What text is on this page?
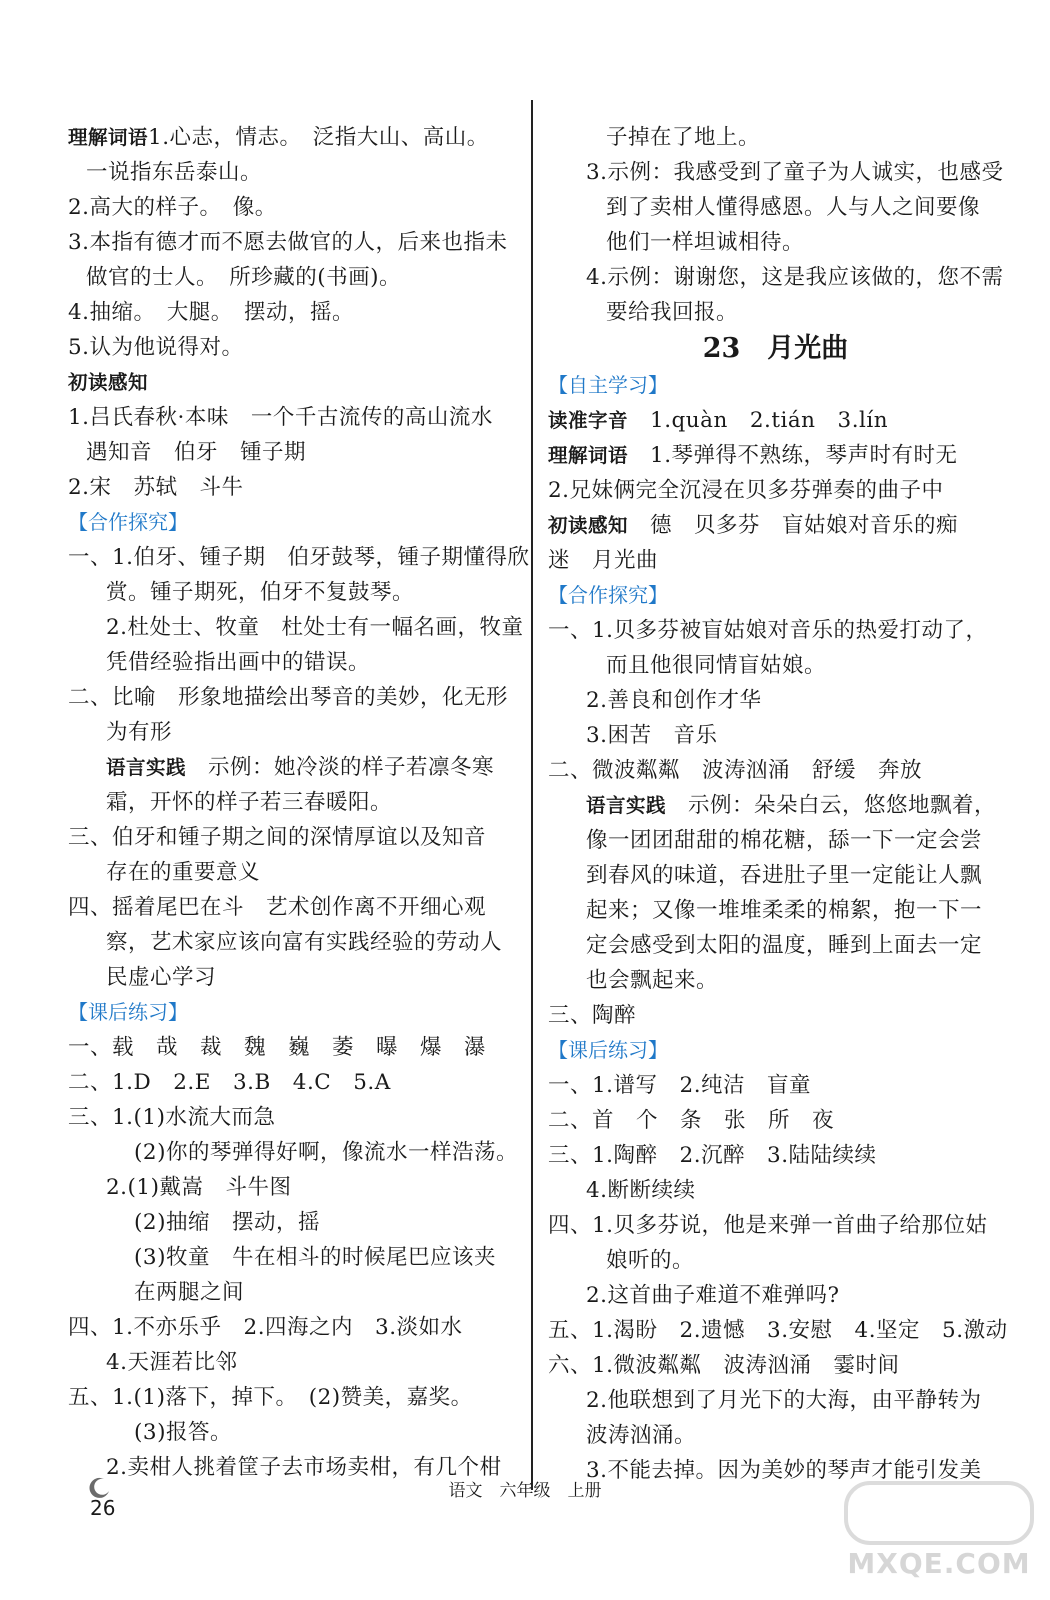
理解词语1.心志，情志。　泛指大山、高山。
一说指东岳泰山。
2.高大的样子。　像。
3.本指有德才而不愿去做官的人，后来也指未
做官的士人。　所珍藏的(书画)。
4.抽缩。　大腿。　摆动，摇。
5.认为他说得对。
初读感知
1.吕氏春秋·本味　一个千古流传的高山流水
遇知音　伯牙　锺子期
2.宋　苏轼　斗牛
【合作探究】
一、1.伯牙、锺子期　伯牙鼓琴，锺子期懂得欣
赏。锺子期死，伯牙不复鼓琴。
2.杜处士、牧童　杜处士有一幅名画，牧童
凭借经验指出画中的错误。
二、比喻　形象地描绘出琴音的美妙，化无形
为有形
语言实践　示例：她冷淡的样子若凛冬寒
霜，开怀的样子若三春暖阳。
三、伯牙和锺子期之间的深情厚谊以及知音
存在的重要意义
四、摇着尾巴在斗　艺术创作离不开细心观
察，艺术家应该向富有实践经验的劳动人
民虚心学习
【课后练习】
一、载　哉　裁　魏　巍　萎　曝　爆　瀑
二、1.D　2.E　3.B　4.C　5.A
三、1.(1)水流大而急
(2)你的琴弹得好啊，像流水一样浩荡。
2.(1)戴嵩　斗牛图
(2)抽缩　摆动，摇
(3)牧童　牛在相斗的时候尾巴应该夹
在两腿之间
四、1.不亦乐乎　2.四海之内　3.淡如水
4.天涯若比邻
五、1.(1)落下，掉下。　(2)赞美，嘉奖。
(3)报答。
2.卖柑人挑着筐子去市场卖柑，有几个柑
子掉在了地上。
3.示例：我感受到了童子为人诚实，也感受
到了卖柑人懂得感恩。人与人之间要像
他们一样坦诚相待。
4.示例：谢谢您，这是我应该做的，您不需
要给我回报。
23　月光曲
【自主学习】
读准字音　 1.quàn　2.tián　3.lín
理解词语　 1.琴弹得不熟练，琴声时有时无
2.兄妹俩完全沉浸在贝多芬弹奏的曲子中
初读感知　德　贝多芬　盲姑娘对音乐的痴
迷　月光曲
【合作探究】
一、1.贝多芬被盲姑娘对音乐的热爱打动了，
而且他很同情盲姑娘。
2.善良和创作才华
3.困苦　音乐
二、微波粼粼　波涛汹涌　舒缓　奔放
语言实践　示例：朵朵白云，悠悠地飘着，
像一团团甜甜的棉花糖，舔一下一定会尝
到春风的味道，吞进肚子里一定能让人飘
起来；又像一堆堆柔柔的棉絮，抱一下一
定会感受到太阳的温度，睡到上面去一定
也会飘起来。
三、陶醉
【课后练习】
一、1.谱写　2.纯洁　盲童
二、首　个　条　张　所　夜
三、1.陶醉　2.沉醉　3.陆陆续续
4.断断续续
四、1.贝多芬说，他是来弹一首曲子给那位姑
娘听的。
2.这首曲子难道不难弹吗?
五、1.渴盼　2.遗憾　3.安慰　4.坚定　5.激动
六、1.微波粼粼　波涛汹涌　霎时间
2.他联想到了月光下的大海，由平静转为
波涛汹涌。
3.不能去掉。因为美妙的琴声才能引发美
26
语文　六年级　上册
MXQE.COM
